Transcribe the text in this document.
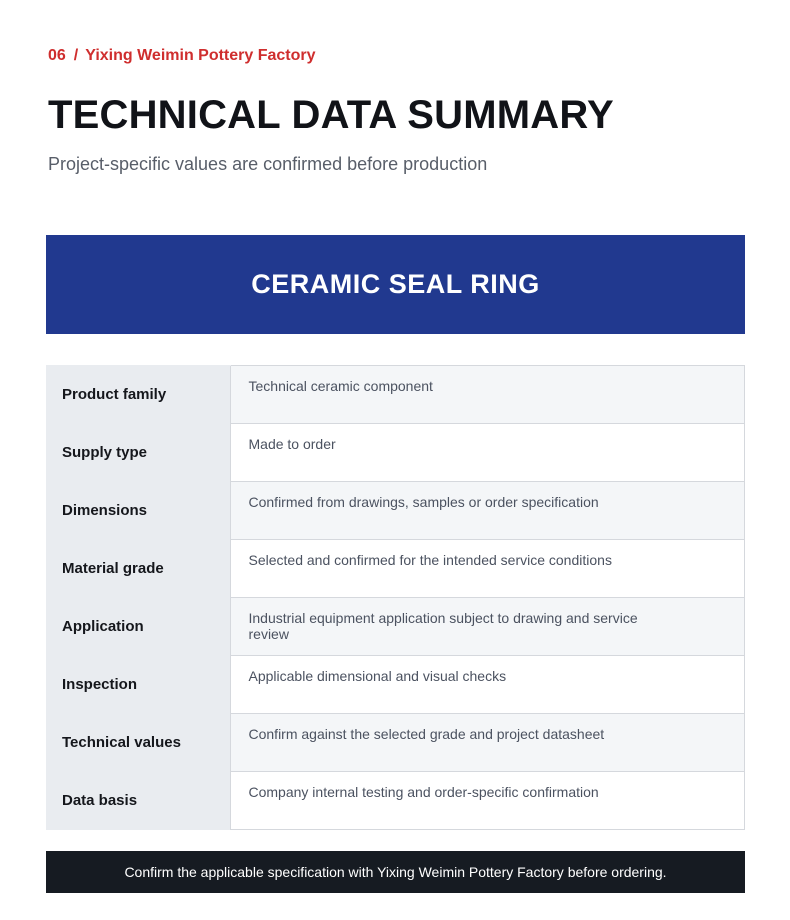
06 / Yixing Weimin Pottery Factory
TECHNICAL DATA SUMMARY
Project-specific values are confirmed before production
CERAMIC SEAL RING
Product family	Technical ceramic component
Supply type	Made to order
Dimensions	Confirmed from drawings, samples or order specification
Material grade	Selected and confirmed for the intended service conditions
Application	Industrial equipment application subject to drawing and service review
Inspection	Applicable dimensional and visual checks
Technical values	Confirm against the selected grade and project datasheet
Data basis	Company internal testing and order-specific confirmation
Confirm the applicable specification with Yixing Weimin Pottery Factory before ordering.
